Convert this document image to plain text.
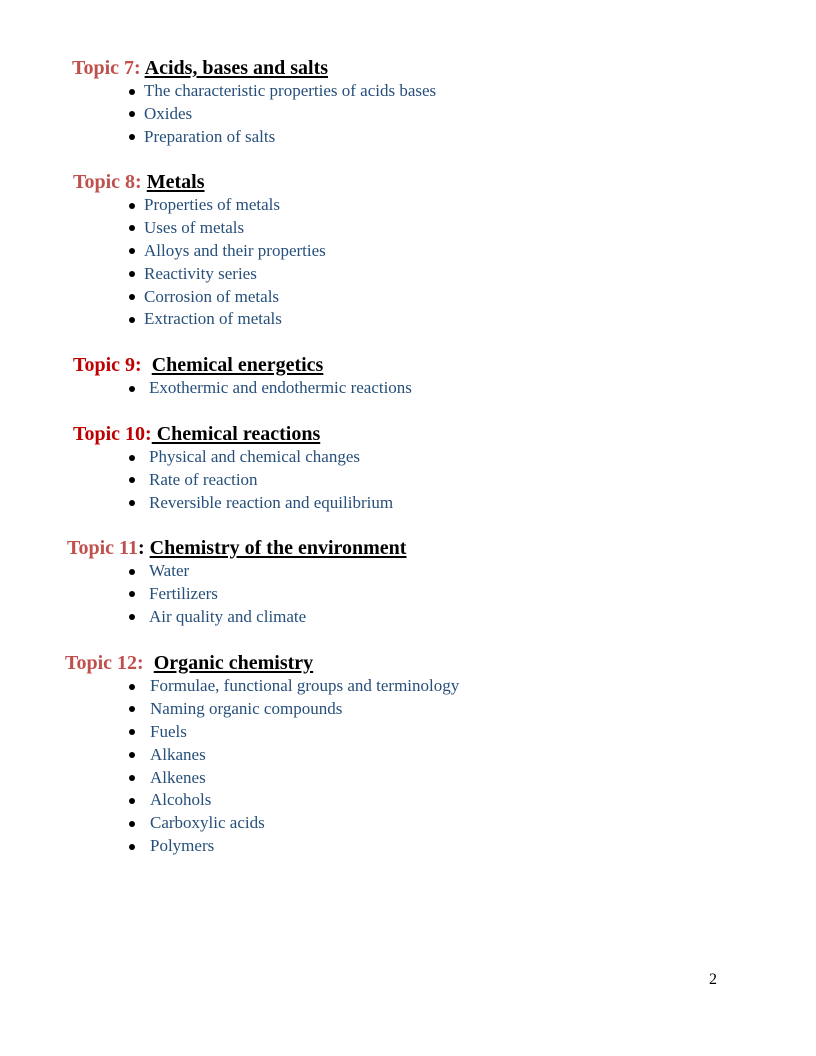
Topic 7: Acids, bases and salts
The characteristic properties of acids bases
Oxides
Preparation of salts
Topic 8: Metals
Properties of metals
Uses of metals
Alloys and their properties
Reactivity series
Corrosion of metals
Extraction of metals
Topic 9: Chemical energetics
Exothermic and endothermic reactions
Topic 10: Chemical reactions
Physical and chemical changes
Rate of reaction
Reversible reaction and equilibrium
Topic 11: Chemistry of the environment
Water
Fertilizers
Air quality and climate
Topic 12: Organic chemistry
Formulae, functional groups and terminology
Naming organic compounds
Fuels
Alkanes
Alkenes
Alcohols
Carboxylic acids
Polymers
2
